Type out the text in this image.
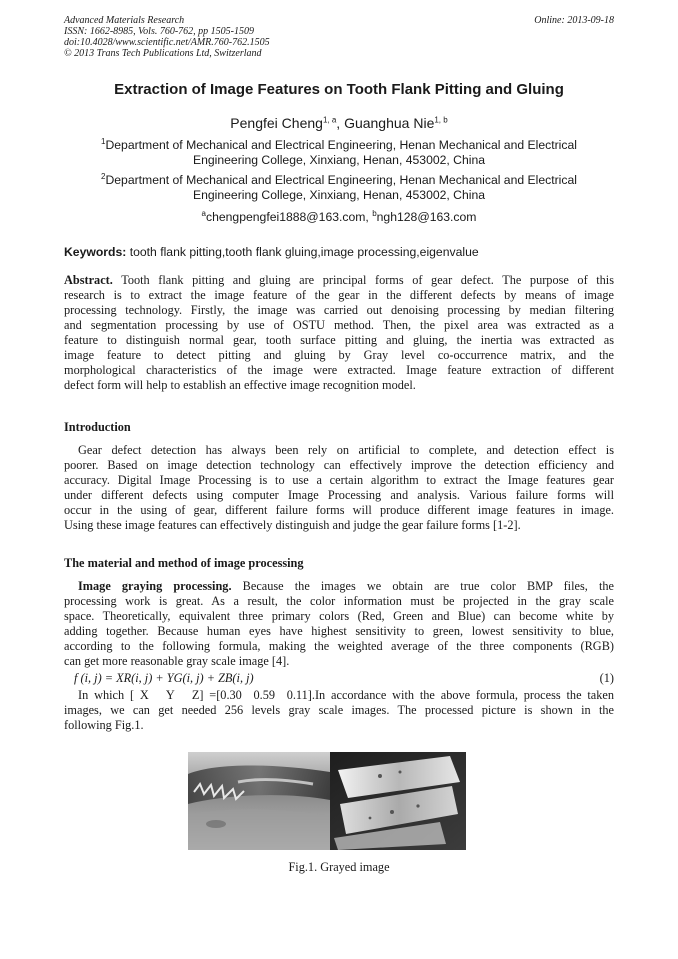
Advanced Materials Research
ISSN: 1662-8985, Vols. 760-762, pp 1505-1509
doi:10.4028/www.scientific.net/AMR.760-762.1505
© 2013 Trans Tech Publications Ltd, Switzerland
Online: 2013-09-18
Extraction of Image Features on Tooth Flank Pitting and Gluing
Pengfei Cheng$^{1, a}$, Guanghua Nie$^{1, b}$
$^1$Department of Mechanical and Electrical Engineering, Henan Mechanical and Electrical
Engineering College, Xinxiang, Henan, 453002, China
$^2$Department of Mechanical and Electrical Engineering, Henan Mechanical and Electrical
Engineering College, Xinxiang, Henan, 453002, China
$^a$chengpengfei1888@163.com, $^b$ngh128@163.com
Keywords: tooth flank pitting,tooth flank gluing,image processing,eigenvalue
Abstract. Tooth flank pitting and gluing are principal forms of gear defect. The purpose of this
research is to extract the image feature of the gear in the different defects by means of image
processing technology. Firstly, the image was carried out denoising processing by median filtering
and segmentation processing by use of OSTU method. Then, the pixel area was extracted as a
feature to distinguish normal gear, tooth surface pitting and gluing, the inertia was extracted as
image feature to detect pitting and gluing by Gray level co-occurrence matrix, and the
morphological characteristics of the image were extracted. Image feature extraction of different
defect form will help to establish an effective image recognition model.
Introduction
Gear defect detection has always been rely on artificial to complete, and detection effect is
poorer. Based on image detection technology can effectively improve the detection efficiency and
accuracy. Digital Image Processing is to use a certain algorithm to extract the Image features gear
under different defects using computer Image Processing and analysis. Various failure forms will
occur in the using of gear, different failure forms will produce different image features in image.
Using these image features can effectively distinguish and judge the gear failure forms [1-2].
The material and method of image processing
Image graying processing. Because the images we obtain are true color BMP files, the
processing work is great. As a result, the color information must be projected in the gray scale
space. Theoretically, equivalent three primary colors (Red, Green and Blue) can become white by
adding together. Because human eyes have highest sensitivity to green, lowest sensitivity to blue,
according to the following formula, making the weighted average of the three components (RGB)
can get more reasonable gray scale image [4].
f (i, j) = XR(i, j) + YG(i, j) + ZB(i, j)	(1)
In which [ X   Y   Z] =[0.30  0.59  0.11].In accordance with the above formula, process the taken
images, we can get needed 256 levels gray scale images. The processed picture is shown in the
following Fig.1.
Fig.1. Grayed image
